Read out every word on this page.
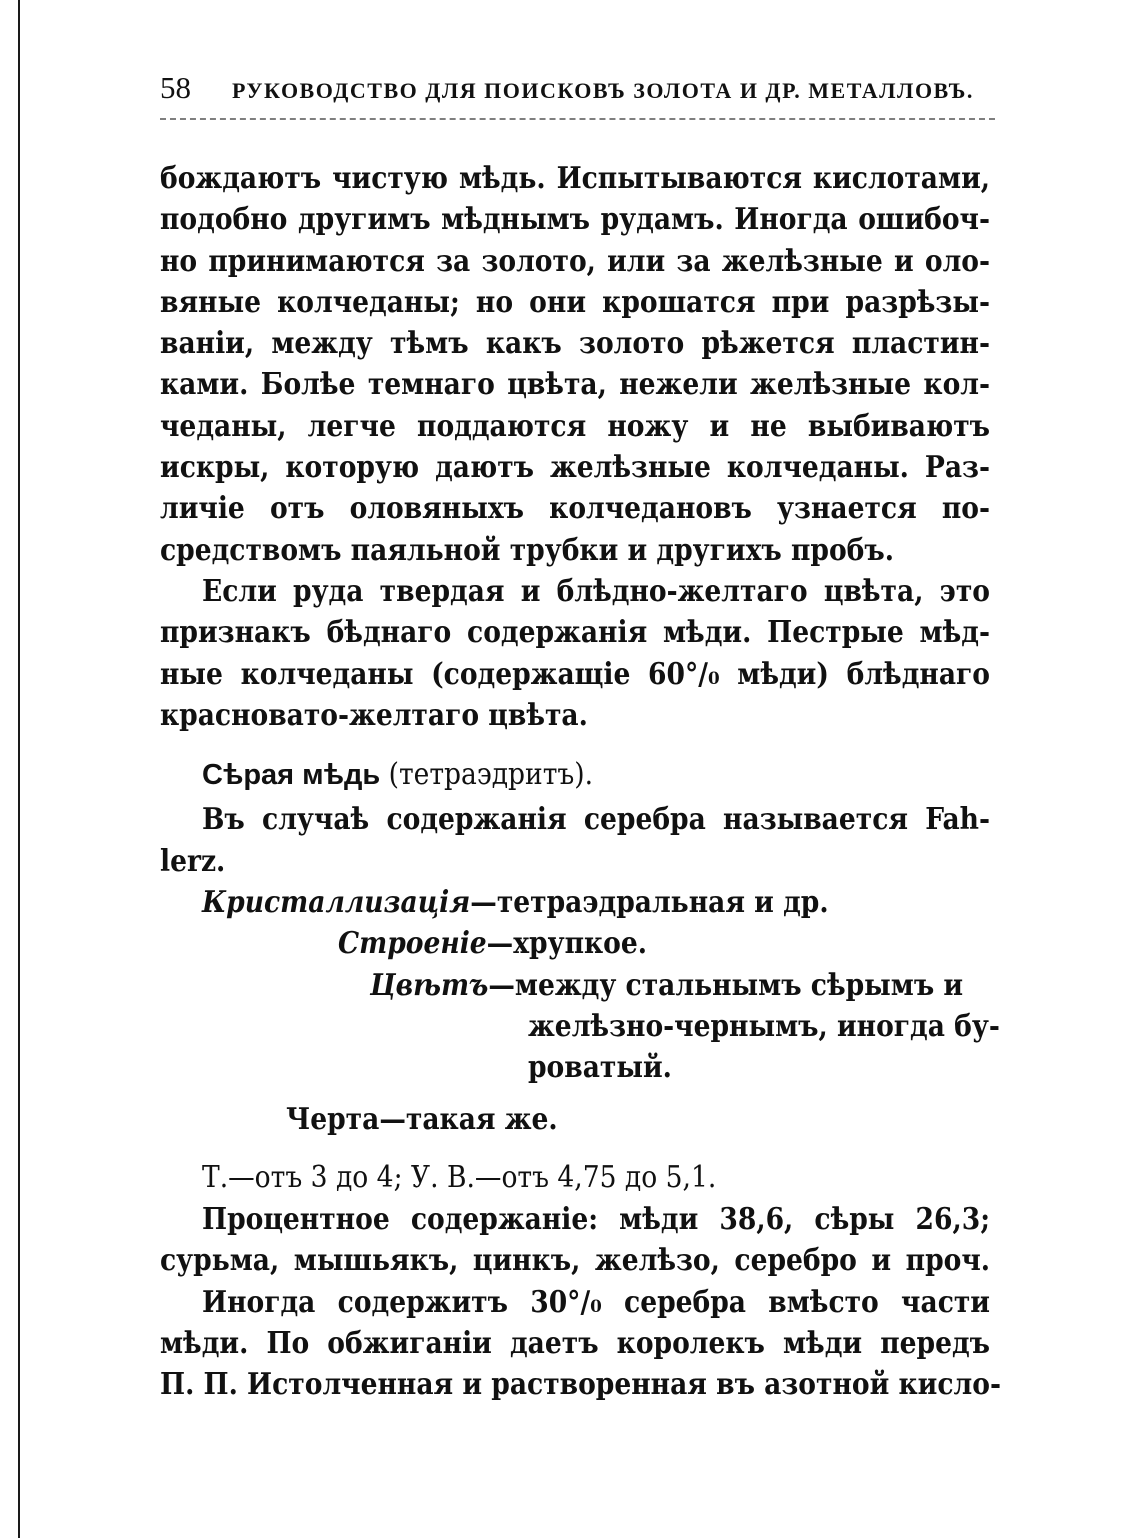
58	РУКОВОДСТВО ДЛЯ ПОИСКОВЪ ЗОЛОТА И ДР. МЕТАЛЛОВЪ.
бождаютъ чистую мѣдь. Испытываются кислотами,
подобно другимъ мѣднымъ рудамъ. Иногда ошибоч-
но принимаются за золото, или за желѣзные и оло-
вяные колчеданы; но они крошатся при разрѣзы-
ваніи, между тѣмъ какъ золото рѣжется пластин-
ками. Болѣе темнаго цвѣта, нежели желѣзные кол-
чеданы, легче поддаются ножу и не выбиваютъ
искры, которую даютъ желѣзные колчеданы. Раз-
личіе отъ оловяныхъ колчедановъ узнается по-
средствомъ паяльной трубки и другихъ пробъ.
Если руда твердая и блѣдно-желтаго цвѣта, это
признакъ бѣднаго содержанія мѣди. Пестрые мѣд-
ные колчеданы (содержащіе 60°/₀ мѣди) блѣднаго
красновато-желтаго цвѣта.
Сѣрая мѣдь (тетраэдритъ).
Въ случаѣ содержанія серебра называется Fah-
lerz.
Кристаллизація—тетраэдральная и др.
Строеніе—хрупкое.
Цвѣтъ—между стальнымъ сѣрымъ и
желѣзно-чернымъ, иногда бу-
роватый.
Черта—такая же.
Т.—отъ 3 до 4; У. В.—отъ 4,75 до 5,1.
Процентное содержаніе: мѣди 38,6, сѣры 26,3;
сурьма, мышьякъ, цинкъ, желѣзо, серебро и проч.
Иногда содержитъ 30°/₀ серебра вмѣсто части
мѣди. По обжиганіи даетъ королекъ мѣди передъ
П. П. Истолченная и растворенная въ азотной кисло-
